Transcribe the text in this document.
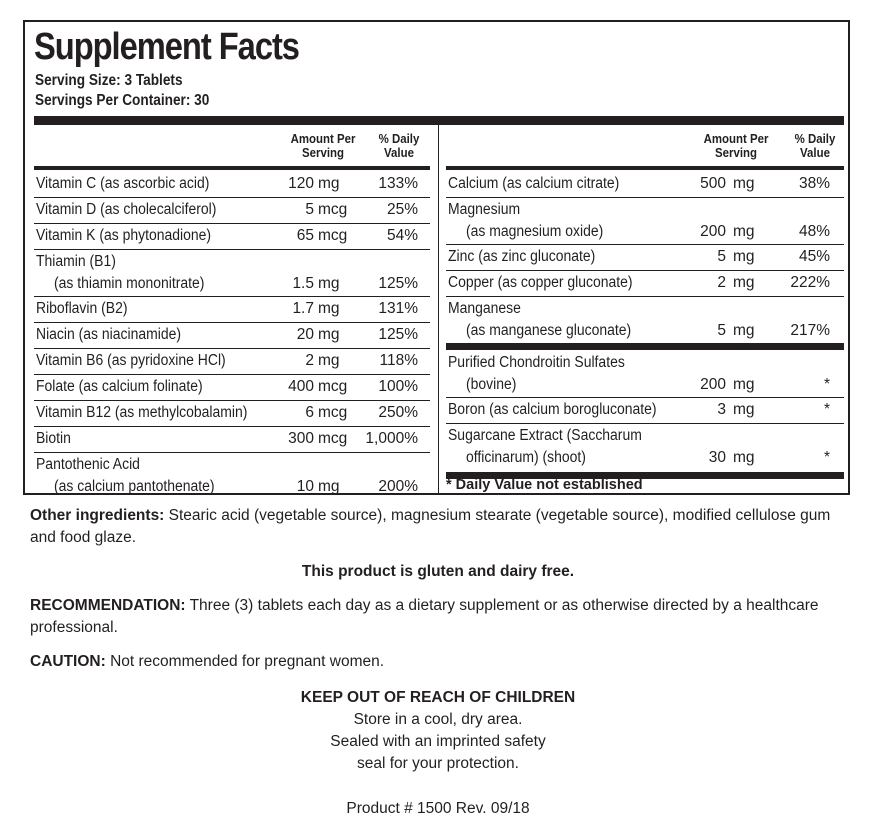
Supplement Facts
Serving Size: 3 Tablets
Servings Per Container: 30
Amount Per
Serving
% Daily
Value
Vitamin C (as ascorbic acid)	120 mg	133%
Vitamin D (as cholecalciferol)	5 mcg	25%
Vitamin K (as phytonadione)	65 mcg	54%
Thiamin (B1)
(as thiamin mononitrate)	1.5 mg	125%
Riboflavin (B2)	1.7 mg	131%
Niacin (as niacinamide)	20 mg	125%
Vitamin B6 (as pyridoxine HCl)	2 mg	118%
Folate (as calcium folinate)	400 mcg 100%
Vitamin B12 (as methylcobalamin)	6 mcg 250%
Biotin	300 mcg 1,000%
Pantothenic Acid
(as calcium pantothenate)	10 mg	200%
Amount Per
Serving
% Daily
Value
Calcium (as calcium citrate)	500 mg	38%
Magnesium
(as magnesium oxide)	200 mg	48%
Zinc (as zinc gluconate)	5 mg	45%
Copper (as copper gluconate)	2 mg 222%
Manganese
(as manganese gluconate)	5 mg 217%
Purified Chondroitin Sulfates
(bovine)	200 mg	*
Boron (as calcium borogluconate)	3 mg	*
Sugarcane Extract (Saccharum
officinarum) (shoot)	30 mg	*
* Daily Value not established
Other ingredients: Stearic acid (vegetable source), magnesium stearate (vegetable source), modified cellulose gum and food glaze.
This product is gluten and dairy free.
RECOMMENDATION: Three (3) tablets each day as a dietary supplement or as otherwise directed by a healthcare professional.
CAUTION: Not recommended for pregnant women.
KEEP OUT OF REACH OF CHILDREN
Store in a cool, dry area.
Sealed with an imprinted safety
seal for your protection.
Product # 1500 Rev. 09/18
